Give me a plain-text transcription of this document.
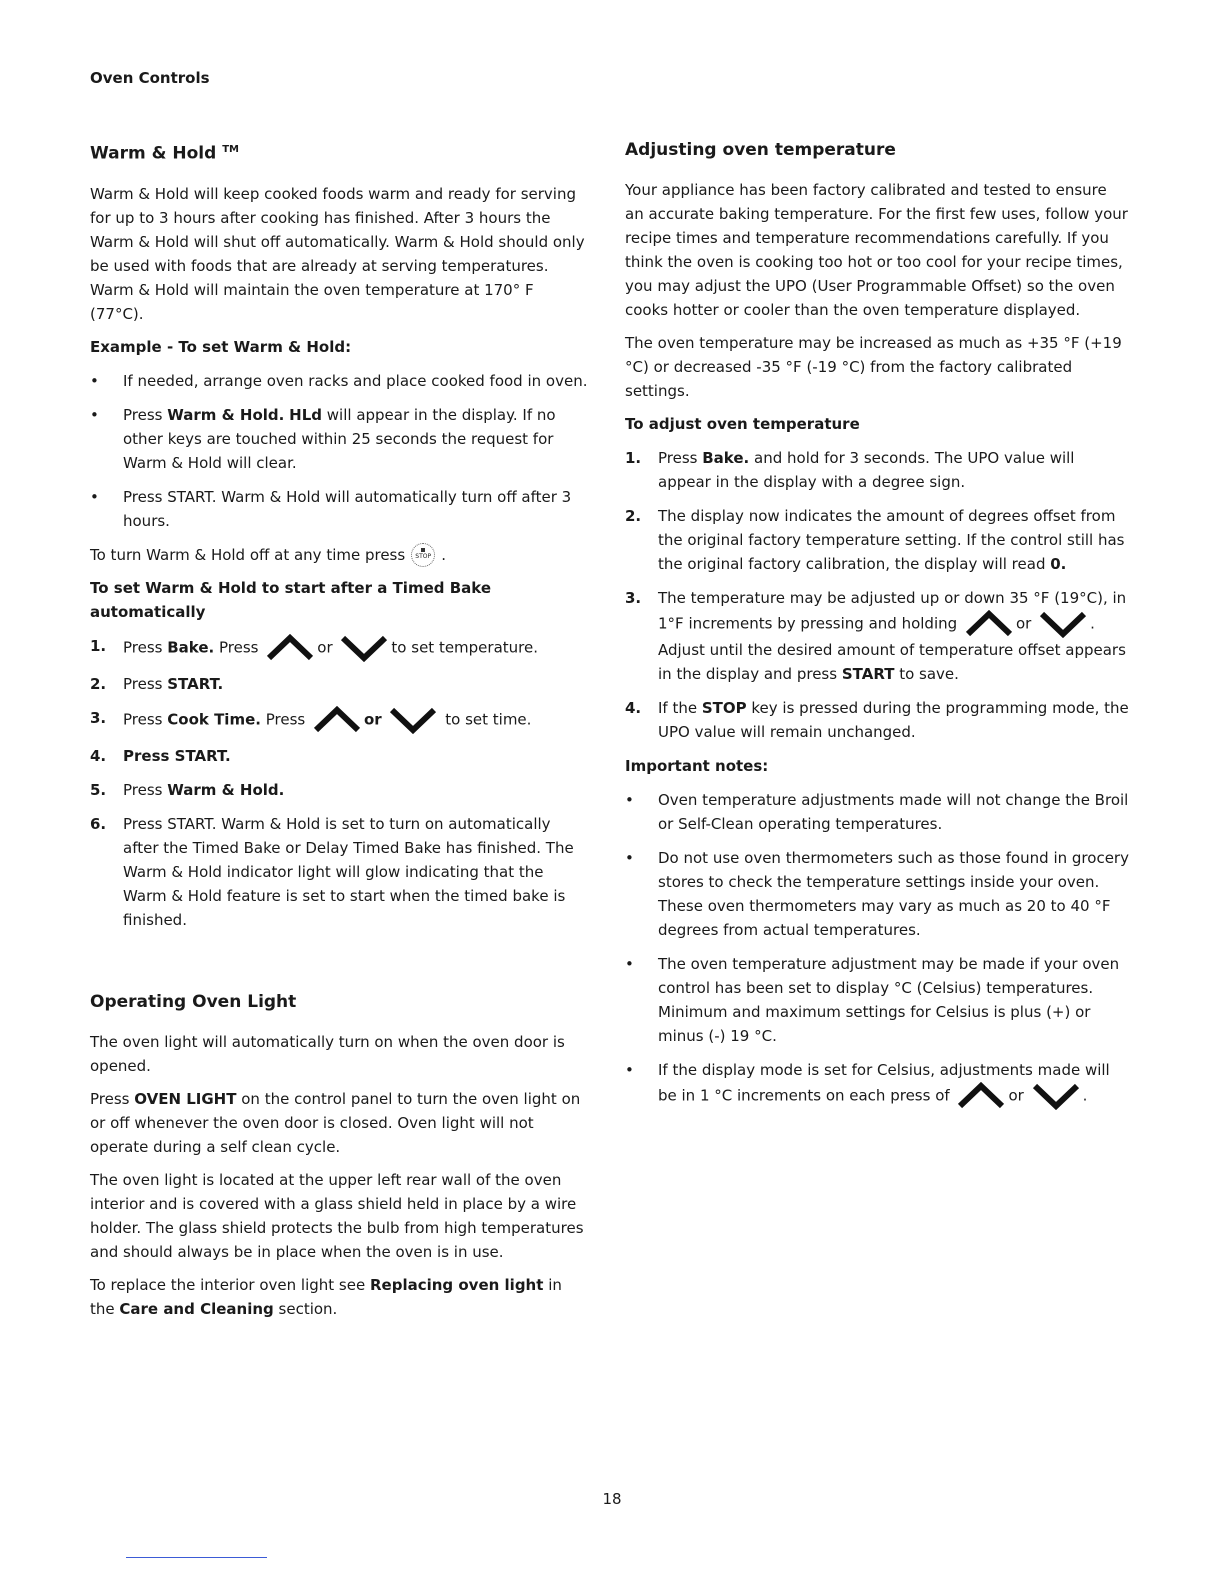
Oven Controls
Warm & Hold ™

Warm & Hold will keep cooked foods warm and ready for serving for up to 3 hours after cooking has finished. After 3 hours the Warm & Hold will shut off automatically. Warm & Hold should only be used with foods that are already at serving temperatures. Warm & Hold will maintain the oven temperature at 170° F (77°C).

Example - To set Warm & Hold:
• If needed, arrange oven racks and place cooked food in oven.
• Press Warm & Hold. HLd will appear in the display. If no other keys are touched within 25 seconds the request for Warm & Hold will clear.
• Press START. Warm & Hold will automatically turn off after 3 hours.

To turn Warm & Hold off at any time press STOP .

To set Warm & Hold to start after a Timed Bake automatically
1. Press Bake. Press	or	to set temperature.
2. Press START.
3. Press Cook Time. Press	or	to set time.
4. Press START.
5. Press Warm & Hold.
6. Press START. Warm & Hold is set to turn on automatically after the Timed Bake or Delay Timed Bake has finished. The Warm & Hold indicator light will glow indicating that the Warm & Hold feature is set to start when the timed bake is finished.
Operating Oven Light

The oven light will automatically turn on when the oven door is opened.

Press OVEN LIGHT on the control panel to turn the oven light on or off whenever the oven door is closed. Oven light will not operate during a self clean cycle.

The oven light is located at the upper left rear wall of the oven interior and is covered with a glass shield held in place by a wire holder. The glass shield protects the bulb from high temperatures and should always be in place when the oven is in use.

To replace the interior oven light see Replacing oven light in the Care and Cleaning section.

Adjusting oven temperature

Your appliance has been factory calibrated and tested to ensure an accurate baking temperature. For the first few uses, follow your recipe times and temperature recommendations carefully. If you think the oven is cooking too hot or too cool for your recipe times, you may adjust the UPO (User Programmable Offset) so the oven cooks hotter or cooler than the oven temperature displayed.

The oven temperature may be increased as much as +35 °F (+19 °C) or decreased -35 °F (-19 °C) from the factory calibrated settings.

To adjust oven temperature
1. Press Bake. and hold for 3 seconds. The UPO value will appear in the display with a degree sign.
2. The display now indicates the amount of degrees offset from the original factory temperature setting. If the control still has the original factory calibration, the display will read 0.
3. The temperature may be adjusted up or down 35 °F (19°C), in 1°F increments by pressing and holding	or	. Adjust until the desired amount of temperature offset appears in the display and press START to save.
4. If the STOP key is pressed during the programming mode, the UPO value will remain unchanged.
Important notes:
• Oven temperature adjustments made will not change the Broil or Self-Clean operating temperatures.
• Do not use oven thermometers such as those found in grocery stores to check the temperature settings inside your oven. These oven thermometers may vary as much as 20 to 40 °F degrees from actual temperatures.
• The oven temperature adjustment may be made if your oven control has been set to display °C (Celsius) temperatures. Minimum and maximum settings for Celsius is plus (+) or minus (-) 19 °C.
• If the display mode is set for Celsius, adjustments made will be in 1 °C increments on each press of	or	.
18
